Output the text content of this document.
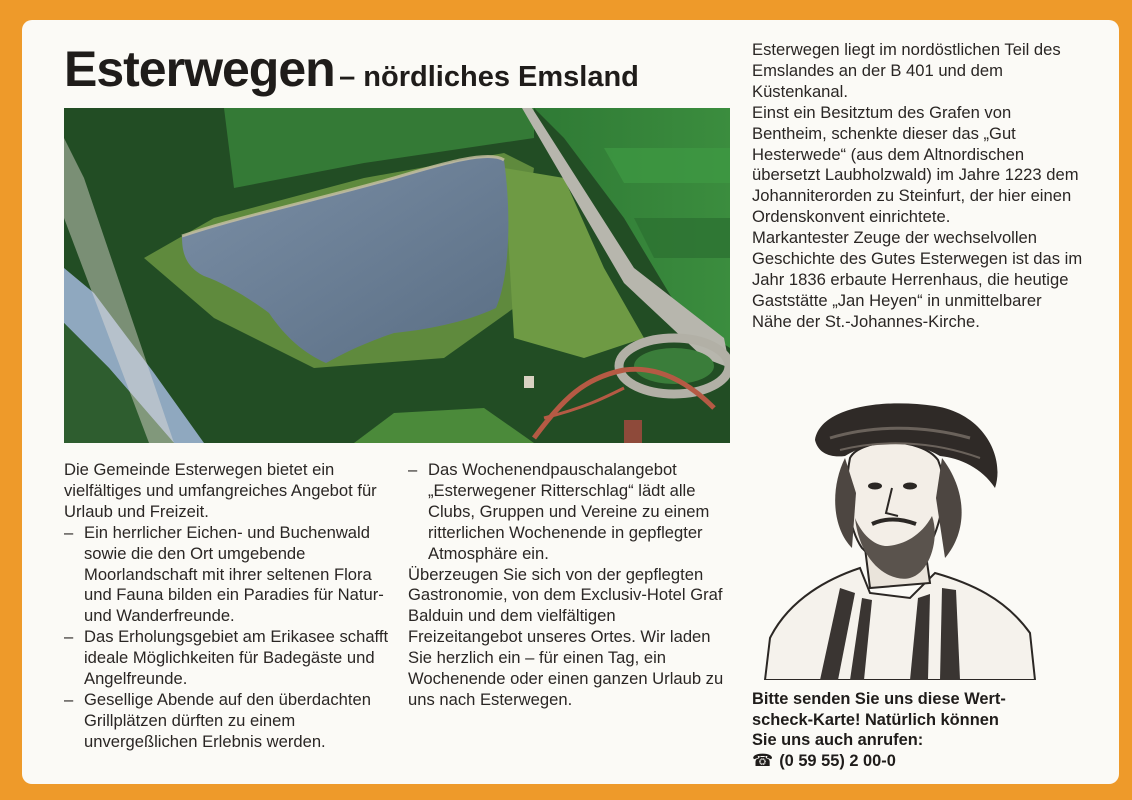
Esterwegen – nördliches Emsland

Die Gemeinde Esterwegen bietet ein vielfältiges und umfangreiches Angebot für Urlaub und Freizeit.

– Ein herrlicher Eichen- und Buchenwald sowie die den Ort umgebende Moorlandschaft mit ihrer seltenen Flora und Fauna bilden ein Paradies für Natur- und Wanderfreunde.
– Das Erholungsgebiet am Erikasee schafft ideale Möglichkeiten für Badegäste und Angelfreunde.
– Gesellige Abende auf den überdachten Grillplätzen dürften zu einem unvergeßlichen Erlebnis werden.
– Das Wochenendpauschalangebot „Esterwegener Ritterschlag“ lädt alle Clubs, Gruppen und Vereine zu einem ritterlichen Wochenende in gepflegter Atmosphäre ein.

Überzeugen Sie sich von der gepflegten Gastronomie, von dem Exclusiv-Hotel Graf Balduin und dem vielfältigen Freizeitangebot unseres Ortes. Wir laden Sie herzlich ein – für einen Tag, ein Wochenende oder einen ganzen Urlaub zu uns nach Esterwegen.

Esterwegen liegt im nordöstlichen Teil des Emslandes an der B 401 und dem Küstenkanal.

Einst ein Besitztum des Grafen von Bentheim, schenkte dieser das „Gut Hesterwede“ (aus dem Altnordischen übersetzt Laubholzwald) im Jahre 1223 dem Johanniterorden zu Steinfurt, der hier einen Ordenskonvent einrichtete.

Markantester Zeuge der wechselvollen Geschichte des Gutes Esterwegen ist das im Jahr 1836 erbaute Herrenhaus, die heutige Gaststätte „Jan Heyen“ in unmittelbarer Nähe der St.-Johannes-Kirche.

Bitte senden Sie uns diese Wert-
scheck-Karte! Natürlich können
Sie uns auch anrufen:
☎ (0 59 55) 2 00-0
